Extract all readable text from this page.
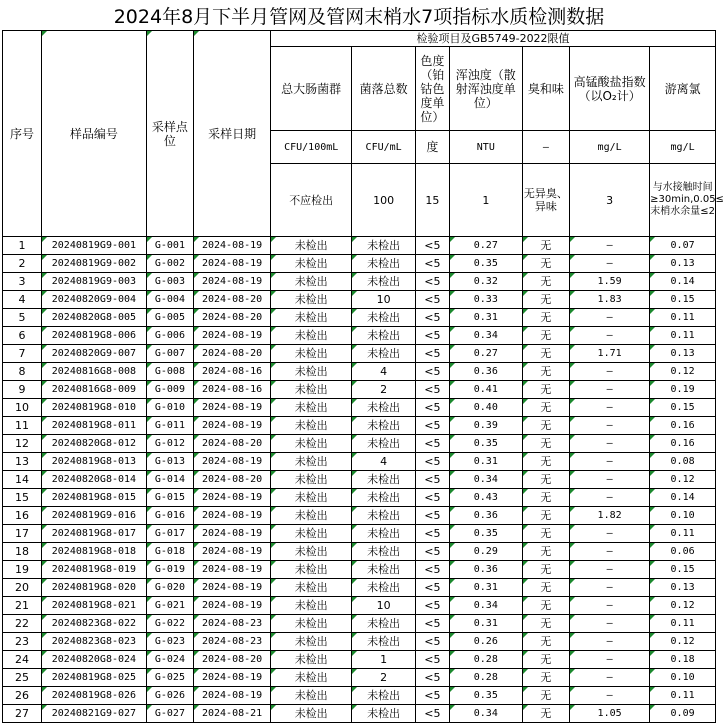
2024年8月下半月管网及管网末梢水7项指标水质检测数据
序号	样品编号	采样点位	采样日期	检验项目及GB5749-2022限值						
				总大肠菌群	菌落总数	色度（铂钴色度单位）	浑浊度（散射浑浊度单位）	臭和味	高锰酸盐指数（以O₂计）	游离氯
				CFU/100mL	CFU/mL	度	NTU	—	mg/L	mg/L
				不应检出	100	15	1	无异臭、异味	3	与水接触时间≥30min,0.05≤末梢水余量≤2
1	20240819G9-001	G-001	2024-08-19	未检出	未检出	<5	0.27	无	—	0.07
2	20240819G9-002	G-002	2024-08-19	未检出	未检出	<5	0.35	无	—	0.13
3	20240819G9-003	G-003	2024-08-19	未检出	未检出	<5	0.32	无	1.59	0.14
4	20240820G9-004	G-004	2024-08-20	未检出	10	<5	0.33	无	1.83	0.15
5	20240820G8-005	G-005	2024-08-20	未检出	未检出	<5	0.31	无	—	0.11
6	20240819G8-006	G-006	2024-08-19	未检出	未检出	<5	0.34	无	—	0.11
7	20240820G9-007	G-007	2024-08-20	未检出	未检出	<5	0.27	无	1.71	0.13
8	20240816G8-008	G-008	2024-08-16	未检出	4	<5	0.36	无	—	0.12
9	20240816G8-009	G-009	2024-08-16	未检出	2	<5	0.41	无	—	0.19
10	20240819G8-010	G-010	2024-08-19	未检出	未检出	<5	0.40	无	—	0.15
11	20240819G8-011	G-011	2024-08-19	未检出	未检出	<5	0.39	无	—	0.16
12	20240820G8-012	G-012	2024-08-20	未检出	未检出	<5	0.35	无	—	0.16
13	20240819G8-013	G-013	2024-08-19	未检出	4	<5	0.31	无	—	0.08
14	20240820G8-014	G-014	2024-08-20	未检出	未检出	<5	0.34	无	—	0.12
15	20240819G8-015	G-015	2024-08-19	未检出	未检出	<5	0.43	无	—	0.14
16	20240819G9-016	G-016	2024-08-19	未检出	未检出	<5	0.36	无	1.82	0.10
17	20240819G8-017	G-017	2024-08-19	未检出	未检出	<5	0.35	无	—	0.11
18	20240819G8-018	G-018	2024-08-19	未检出	未检出	<5	0.29	无	—	0.06
19	20240819G8-019	G-019	2024-08-19	未检出	未检出	<5	0.36	无	—	0.15
20	20240819G8-020	G-020	2024-08-19	未检出	未检出	<5	0.31	无	—	0.13
21	20240819G8-021	G-021	2024-08-19	未检出	10	<5	0.34	无	—	0.12
22	20240823G8-022	G-022	2024-08-23	未检出	未检出	<5	0.31	无	—	0.11
23	20240823G8-023	G-023	2024-08-23	未检出	未检出	<5	0.26	无	—	0.12
24	20240820G8-024	G-024	2024-08-20	未检出	1	<5	0.28	无	—	0.18
25	20240819G8-025	G-025	2024-08-19	未检出	2	<5	0.28	无	—	0.10
26	20240819G8-026	G-026	2024-08-19	未检出	未检出	<5	0.35	无	—	0.11
27	20240821G9-027	G-027	2024-08-21	未检出	未检出	<5	0.34	无	1.05	0.09
